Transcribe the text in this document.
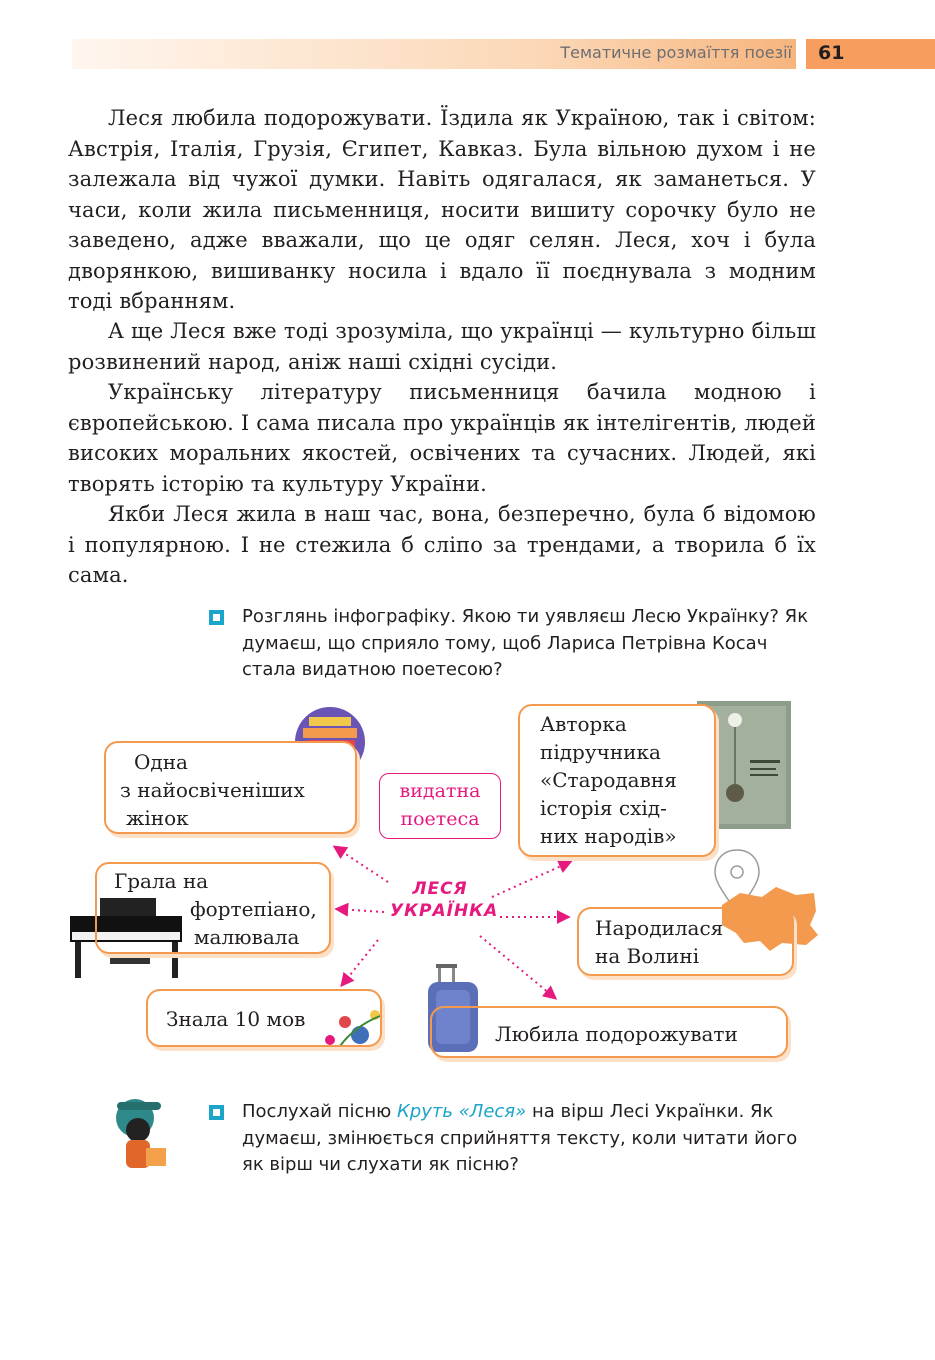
Тематичне розмаїття поезії 61
Леся любила подорожувати. Їздила як Україною, так і світом: Австрія, Італія, Грузія, Єгипет, Кавказ. Була вільною духом і не залежала від чужої думки. Навіть одягалася, як заманеться. У часи, коли жила письменниця, носити вишиту сорочку було не заведено, адже вважали, що це одяг селян. Леся, хоч і була дворянкою, вишиванку носила і вдало її поєднувала з модним тоді вбранням.
А ще Леся вже тоді зрозуміла, що українці — культурно більш розвинений народ, аніж наші східні сусіди.
Українську літературу письменниця бачила модною і європейською. І сама писала про українців як інтелігентів, людей високих моральних якостей, освічених та сучасних. Людей, які творять історію та культуру України.
Якби Леся жила в наш час, вона, безперечно, була б відомою і популярною. І не стежила б сліпо за трендами, а творила б їх сама.
Розглянь інфографіку. Якою ти уявляєш Лесю Українку? Як думаєш, що сприяло тому, щоб Лариса Петрівна Косач стала видатною поетесою?
Одна
з найосвіченіших
жінок
Авторка
підручника
«Стародавня
історія схід-
них народів»
Грала на
фортепіано,
малювала	Народилася
на Волині
Знала 10 мов
Любила подорожувати
видатна
поетеса
ЛЕСЯ
УКРАЇНКА
Послухай пісню Круть «Леся» на вірш Лесі Українки. Як думаєш, змінюється сприйняття тексту, коли читати його як вірш чи слухати як пісню?
